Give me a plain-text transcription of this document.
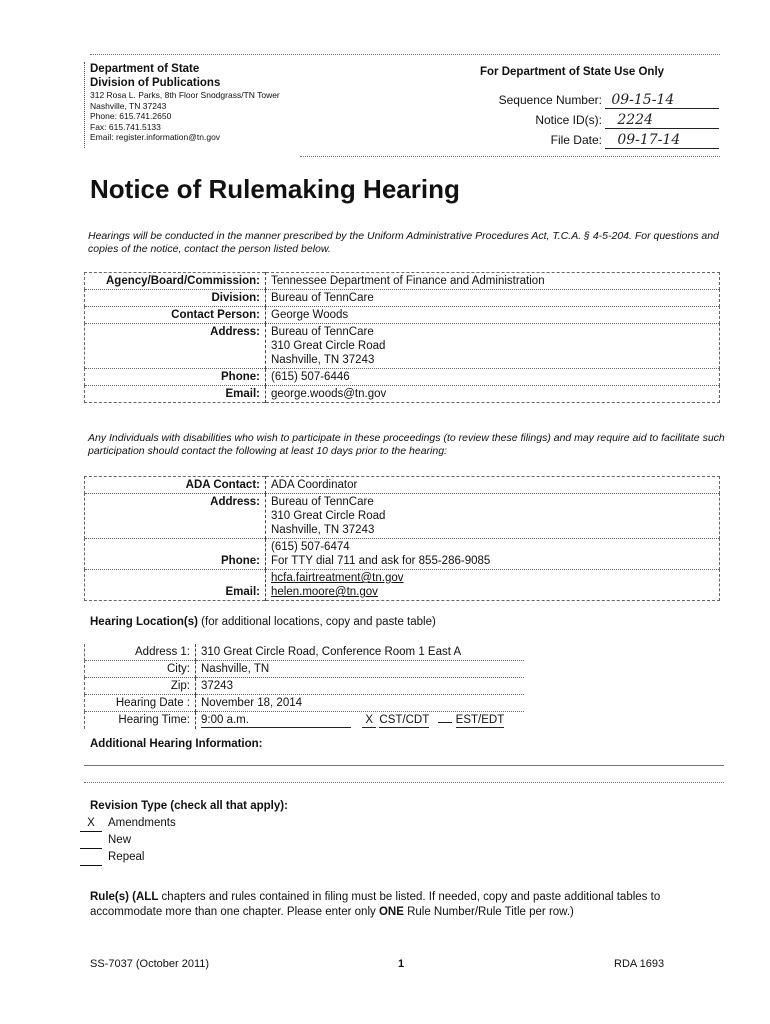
Department of State
Division of Publications
312 Rosa L. Parks, 8th Floor Snodgrass/TN Tower
Nashville, TN 37243
Phone: 615.741.2650
Fax: 615.741.5133
Email: register.information@tn.gov
For Department of State Use Only
Sequence Number: 09-15-14
Notice ID(s): 2224
File Date: 09-17-14
Notice of Rulemaking Hearing
Hearings will be conducted in the manner prescribed by the Uniform Administrative Procedures Act, T.C.A. § 4-5-204. For questions and copies of the notice, contact the person listed below.
Agency/Board/Commission:	Tennessee Department of Finance and Administration
Division:	Bureau of TennCare
Contact Person:	George Woods
Address:	Bureau of TennCare
310 Great Circle Road
Nashville, TN 37243

Phone:	(615) 507-6446
Email:	george.woods@tn.gov
Any Individuals with disabilities who wish to participate in these proceedings (to review these filings) and may require aid to facilitate such participation should contact the following at least 10 days prior to the hearing:
ADA Contact:	ADA Coordinator
Address:	Bureau of TennCare
310 Great Circle Road
Nashville, TN 37243

Phone:	(615) 507-6474
For TTY dial 711 and ask for 855-286-9085

Email:	hcfa.fairtreatment@tn.gov
helen.moore@tn.gov
Hearing Location(s) (for additional locations, copy and paste table)
Address 1:	310 Great Circle Road, Conference Room 1 East A
City:	Nashville, TN
Zip:	37243
Hearing Date :	November 18, 2014
Hearing Time:	9:00 a.m. X CST/CDT EST/EDT
Additional Hearing Information:
Revision Type (check all that apply):
X Amendments
New
Repeal
Rule(s) (ALL chapters and rules contained in filing must be listed. If needed, copy and paste additional tables to accommodate more than one chapter. Please enter only ONE Rule Number/Rule Title per row.)
SS-7037 (October 2011)	1	RDA 1693
